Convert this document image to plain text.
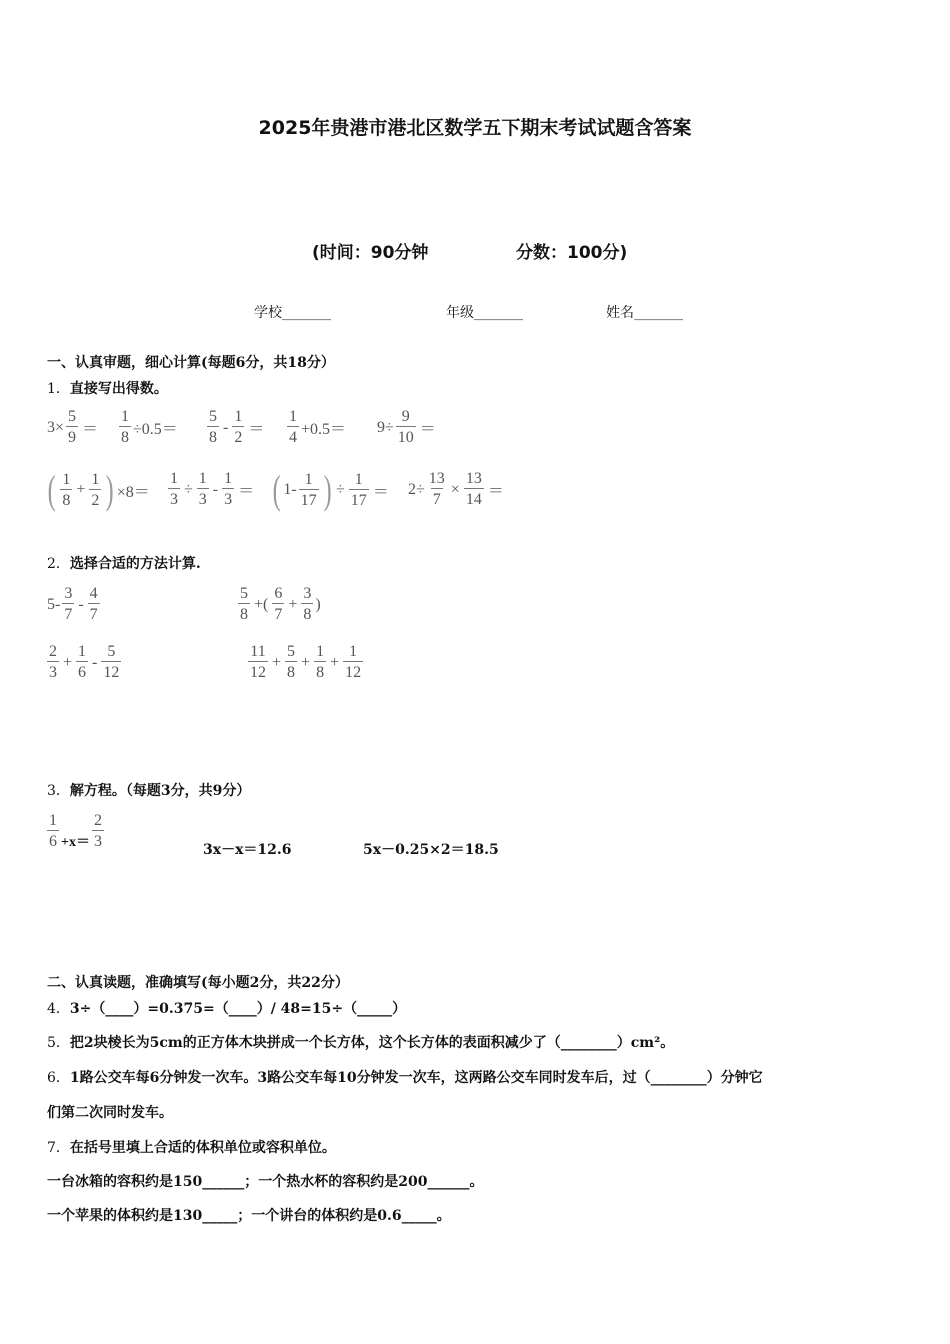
2025年贵港市港北区数学五下期末考试试题含答案
(时间：90分钟	分数：100分)
学校_______	年级_______	姓名_______
一、认真审题，细心计算(每题6分，共18分）
1．直接写出得数。
$3\times \frac{5}{9} = \frac{1}{8} \div 0.5= \frac{5}{8} - \frac{1}{2} = \frac{1}{4} +0.5= 9\div \frac{9}{10}$ ＝
( $\frac{1}{8} + \frac{1}{2}$ ) $\times 8= \frac{1}{3} \div \frac{1}{3} - \frac{1}{3}$ ＝ ( $1- \frac{1}{17}$ ) ÷ $\frac{1}{17} = 2\div \frac{13}{7} \times \frac{13}{14}$ ＝
2．选择合适的方法计算.
$5- \frac{3}{7} - \frac{4}{7}$	$\frac{5}{8}$ +( $\frac{6}{7} + \frac{3}{8}$ )
$\frac{2}{3} + \frac{1}{6} - \frac{5}{12}$	$\frac{11}{12} + \frac{5}{8} + \frac{1}{8} + \frac{1}{12}$
3．解方程。（每题3分，共9分）
$\frac{1}{6} +x= \frac{2}{3}$	3x－x＝12.6	5x－0.25×2＝18.5
二、认真读题，准确填写(每小题2分，共22分）
4．3÷（____）=0.375=（____）/ 48=15÷（_____）
5．把2块棱长为5cm的正方体木块拼成一个长方体，这个长方体的表面积减少了（________）cm²。
6．1路公交车每6分钟发一次车。3路公交车每10分钟发一次车，这两路公交车同时发车后，过（________）分钟它
们第二次同时发车。
7．在括号里填上合适的体积单位或容积单位。
一台冰箱的容积约是150______；一个热水杯的容积约是200______。
一个苹果的体积约是130_____；一个讲台的体积约是0.6_____。
